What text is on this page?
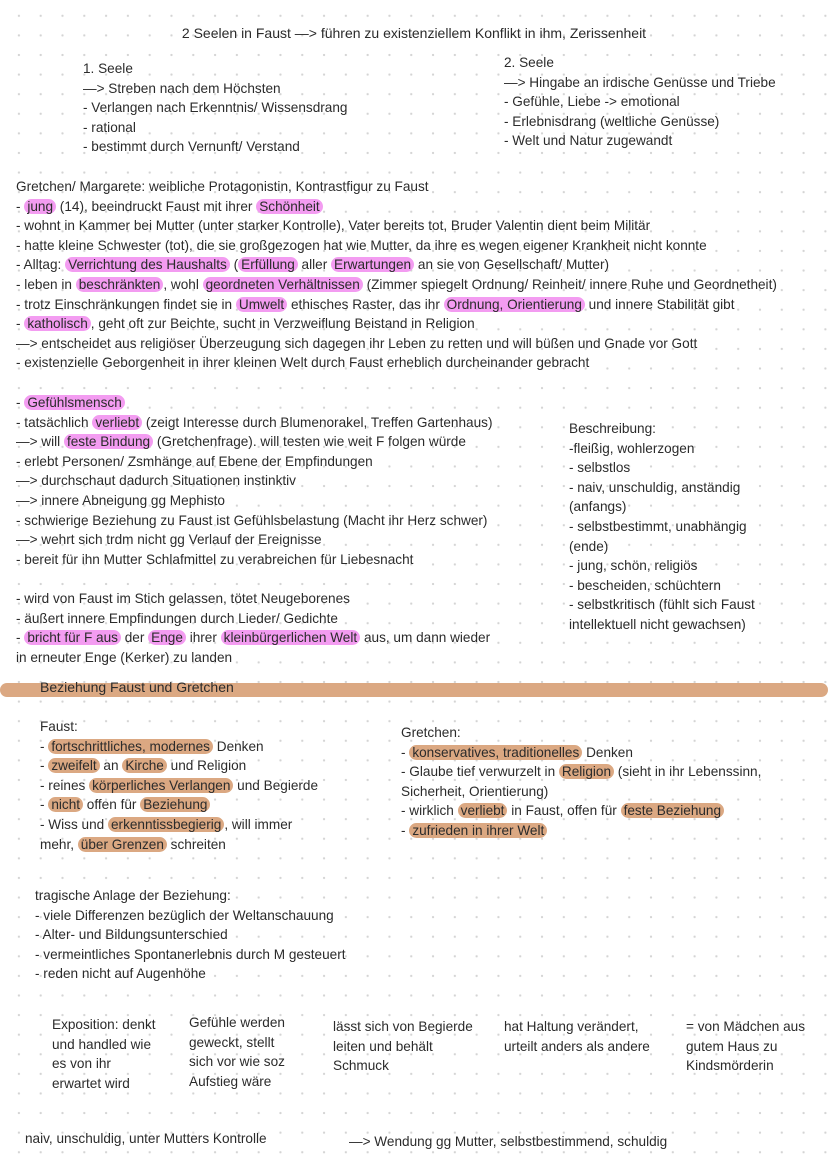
2 Seelen in Faust —> führen zu existenziellem Konflikt in ihm, Zerissenheit
1. Seele
—> Streben nach dem Höchsten
- Verlangen nach Erkenntnis/ Wissensdrang
- rational
- bestimmt durch Vernunft/ Verstand
2. Seele
—> Hingabe an irdische Genüsse und Triebe
- Gefühle, Liebe -> emotional
- Erlebnisdrang (weltliche Genüsse)
- Welt und Natur zugewandt
Gretchen/ Margarete: weibliche Protagonistin, Kontrastfigur zu Faust
- jung (14), beeindruckt Faust mit ihrer Schönheit
- wohnt in Kammer bei Mutter (unter starker Kontrolle), Vater bereits tot, Bruder Valentin dient beim Militär
- hatte kleine Schwester (tot), die sie großgezogen hat wie Mutter, da ihre es wegen eigener Krankheit nicht konnte
- Alltag: Verrichtung des Haushalts ( Erfüllung aller Erwartungen an sie von Gesellschaft/ Mutter)
- leben in beschränkten , wohl geordneten Verhältnissen (Zimmer spiegelt Ordnung/ Reinheit/ innere Ruhe und Geordnetheit)
- trotz Einschränkungen findet sie in Umwelt ethisches Raster, das ihr Ordnung, Orientierung und innere Stabilität gibt
- katholisch , geht oft zur Beichte, sucht in Verzweiflung Beistand in Religion
—> entscheidet aus religiöser Überzeugung sich dagegen ihr Leben zu retten und will büßen und Gnade vor Gott
- existenzielle Geborgenheit in ihrer kleinen Welt durch Faust erheblich durcheinander gebracht
- Gefühlsmensch
- tatsächlich verliebt (zeigt Interesse durch Blumenorakel, Treffen Gartenhaus)
—> will feste Bindung (Gretchenfrage). will testen wie weit F folgen würde
- erlebt Personen/ Zsmhänge auf Ebene der Empfindungen
—> durchschaut dadurch Situationen instinktiv
—> innere Abneigung gg Mephisto
- schwierige Beziehung zu Faust ist Gefühlsbelastung (Macht ihr Herz schwer)
—> wehrt sich trdm nicht gg Verlauf der Ereignisse
- bereit für ihn Mutter Schlafmittel zu verabreichen für Liebesnacht

- wird von Faust im Stich gelassen, tötet Neugeborenes
- äußert innere Empfindungen durch Lieder/ Gedichte
- bricht für F aus der Enge ihrer kleinbürgerlichen Welt aus, um dann wieder
in erneuter Enge (Kerker) zu landen
Beschreibung:
-fleißig, wohlerzogen
- selbstlos
- naiv, unschuldig, anständig
(anfangs)
- selbstbestimmt, unabhängig
(ende)
- jung, schön, religiös
- bescheiden, schüchtern
- selbstkritisch (fühlt sich Faust
intellektuell nicht gewachsen)
Beziehung Faust und Gretchen
Faust:
- fortschrittliches, modernes Denken
- zweifelt an Kirche und Religion
- reines körperliches Verlangen und Begierde
- nicht offen für Beziehung
- Wiss und erkenntissbegierig , will immer
mehr, über Grenzen schreiten
Gretchen:
- konservatives, traditionelles Denken
- Glaube tief verwurzelt in Religion (sieht in ihr Lebenssinn,
Sicherheit, Orientierung)
- wirklich verliebt in Faust, offen für feste Beziehung
- zufrieden in ihrer Welt
tragische Anlage der Beziehung:
- viele Differenzen bezüglich der Weltanschauung
- Alter- und Bildungsunterschied
- vermeintliches Spontanerlebnis durch M gesteuert
- reden nicht auf Augenhöhe
Exposition: denkt und handled wie es von ihr erwartet wird
Gefühle werden geweckt, stellt sich vor wie soz Aufstieg wäre
lässt sich von Begierde leiten und behält Schmuck
hat Haltung verändert, urteilt anders als andere
= von Mädchen aus gutem Haus zu Kindsmörderin
naiv, unschuldig, unter Mutters Kontrolle	—> Wendung gg Mutter, selbstbestimmend, schuldig
